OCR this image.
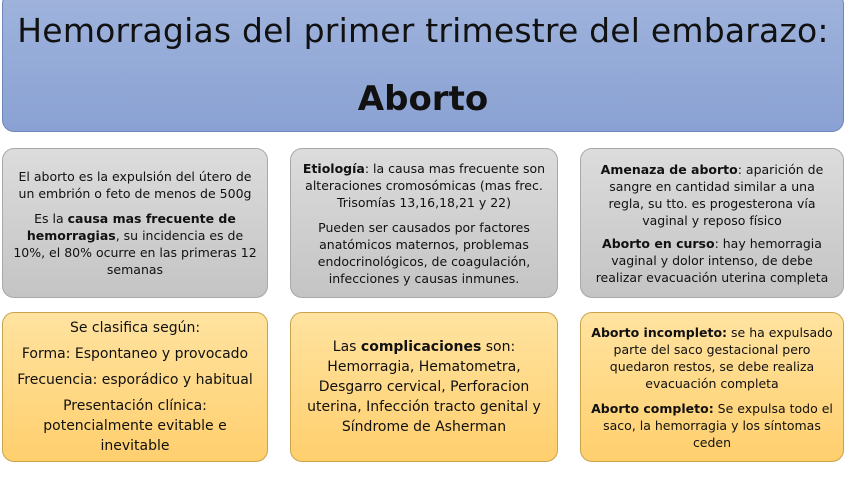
Hemorragias del primer trimestre del embarazo:
Aborto

El aborto es la expulsión del útero de un embrión o feto de menos de 500g

Es la causa mas frecuente de hemorragias, su incidencia es de 10%, el 80% ocurre en las primeras 12 semanas

Etiología: la causa mas frecuente son alteraciones cromosómicas (mas frec. Trisomías 13,16,18,21 y 22)

Pueden ser causados por factores anatómicos maternos, problemas endocrinológicos, de coagulación, infecciones y causas inmunes.

Amenaza de aborto: aparición de sangre en cantidad similar a una regla, su tto. es progesterona vía vaginal y reposo físico

Aborto en curso: hay hemorragia vaginal y dolor intenso, de debe realizar evacuación uterina completa

Se clasifica según:

Forma: Espontaneo y provocado

Frecuencia: esporádico y habitual

Presentación clínica: potencialmente evitable e inevitable

Las complicaciones son: Hemorragia, Hematometra, Desgarro cervical, Perforacion uterina, Infección tracto genital y Síndrome de Asherman

Aborto incompleto: se ha expulsado parte del saco gestacional pero quedaron restos, se debe realiza evacuación completa

Aborto completo: Se expulsa todo el saco, la hemorragia y los síntomas ceden
